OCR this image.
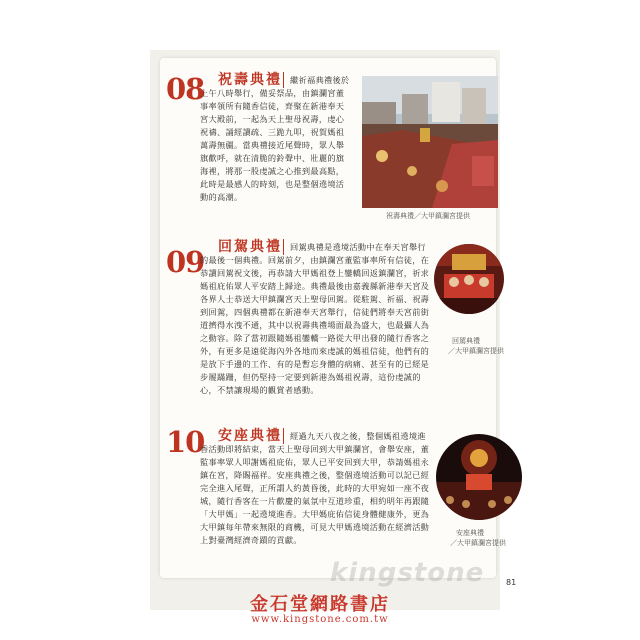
08 祝壽典禮 繼祈福典禮後於上午八時舉行，備妥祭品，由鎮瀾宮董事率領所有隨香信徒，齊聚在新港奉天宮大殿前，一起為天上聖母祝壽，虔心祝禱、誦經讀疏、三跪九叩，祝賀媽祖萬壽無疆。當典禮接近尾聲時，眾人舉旗歡呼，就在清脆的鈴聲中、壯麗的旗海裡，將那一股虔誠之心推到最高點，此時是最感人的時刻，也是整個遶境活動的高潮。

祝壽典禮／大甲鎮瀾宮提供
09 回駕典禮 回駕典禮是遶境活動中在奉天宮舉行的最後一個典禮。回駕前夕，由鎮瀾宮董監事率所有信徒，在恭讀回駕祝文後，再恭請大甲媽祖登上鑾轎回返鎮瀾宮，祈求媽祖庇佑眾人平安踏上歸途。典禮最後由嘉義縣新港奉天宮及各界人士恭送大甲鎮瀾宮天上聖母回駕。從駐駕、祈福、祝壽到回駕，四個典禮都在新港奉天宮舉行，信徒們將奉天宮前街道擠得水洩不通，其中以祝壽典禮場面最為盛大，也最攝人為之動容。除了當初跟隨媽祖鑾轎一路從大甲出發的隨行香客之外，有更多是遠從海內外各地而來虔誠的媽祖信徒，他們有的是放下手邊的工作、有的是暫忘身體的病痛、甚至有的已經是步履蹣跚，但仍堅持一定要到新港為媽祖祝壽，這份虔誠的心，不禁讓現場的觀賞者感動。

回駕典禮
／大甲鎮瀾宮提供
10 安座典禮 經過九天八夜之後，整個媽祖遶境進香活動即將結束，當天上聖母回到大甲鎮瀾宮，會舉安座，董監事率眾人叩謝媽祖庇佑，眾人已平安回到大甲，恭請媽祖永鎮在宮，降賜福祥。安座典禮之後，整個遶境活動可以記已經完全進入尾聲，正所謂人約黃昏後，此時的大甲宛如一座不夜城，隨行香客在一片歡慶的氣氛中互道珍重，相約明年再跟隨「大甲媽」一起遶境進香。大甲媽庇佑信徒身體健康外，更為大甲鎮每年帶來無限的商機，可見大甲媽遶境活動在經濟活動上對臺灣經濟奇蹟的貢獻。

安座典禮
／大甲鎮瀾宮提供
kingstone	81
金石堂網路書店
www.kingstone.com.tw
